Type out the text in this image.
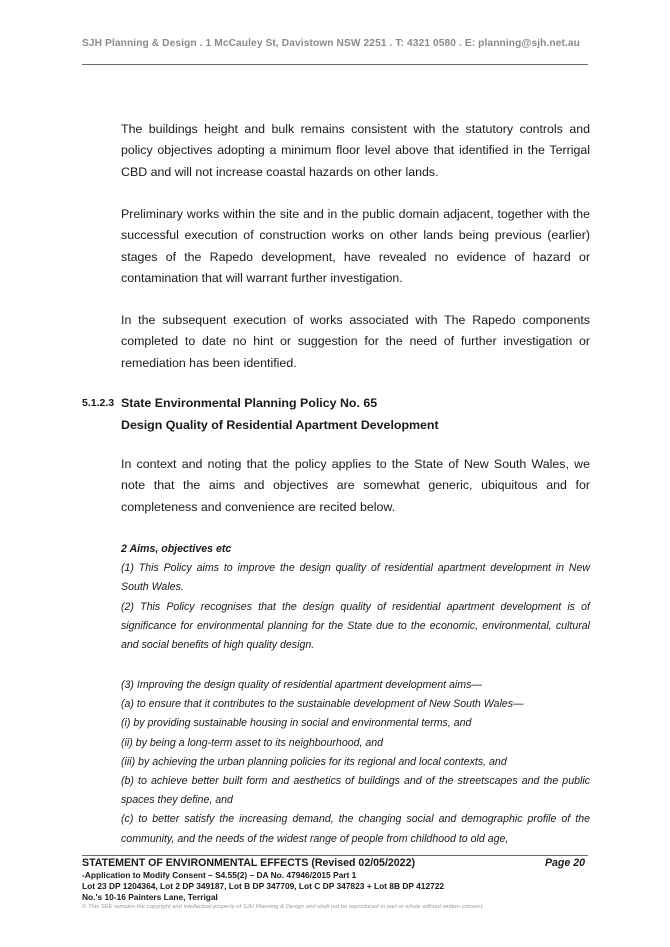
SJH Planning & Design . 1 McCauley St, Davistown NSW 2251 . T: 4321 0580 . E: planning@sjh.net.au

The buildings height and bulk remains consistent with the statutory controls and policy objectives adopting a minimum floor level above that identified in the Terrigal CBD and will not increase coastal hazards on other lands.

Preliminary works within the site and in the public domain adjacent, together with the successful execution of construction works on other lands being previous (earlier) stages of the Rapedo development, have revealed no evidence of hazard or contamination that will warrant further investigation.

In the subsequent execution of works associated with The Rapedo components completed to date no hint or suggestion for the need of further investigation or remediation has been identified.

5.1.2.3 State Environmental Planning Policy No. 65
Design Quality of Residential Apartment Development

In context and noting that the policy applies to the State of New South Wales, we note that the aims and objectives are somewhat generic, ubiquitous and for completeness and convenience are recited below.

2 Aims, objectives etc

(1) This Policy aims to improve the design quality of residential apartment development in New South Wales.

(2) This Policy recognises that the design quality of residential apartment development is of significance for environmental planning for the State due to the economic, environmental, cultural and social benefits of high quality design.

(3) Improving the design quality of residential apartment development aims—

(a) to ensure that it contributes to the sustainable development of New South Wales—

(i) by providing sustainable housing in social and environmental terms, and

(ii) by being a long-term asset to its neighbourhood, and

(iii) by achieving the urban planning policies for its regional and local contexts, and

(b) to achieve better built form and aesthetics of buildings and of the streetscapes and the public spaces they define, and

(c) to better satisfy the increasing demand, the changing social and demographic profile of the community, and the needs of the widest range of people from childhood to old age,

STATEMENT OF ENVIRONMENTAL EFFECTS (Revised 02/05/2022)	Page 20
-Application to Modify Consent – S4.55(2) – DA No. 47946/2015 Part 1
Lot 23 DP 1204364, Lot 2 DP 349187, Lot B DP 347709, Lot C DP 347823 + Lot 8B DP 412722
No.'s 10-16 Painters Lane, Terrigal
© This SEE remains the copyright and intellectual property of SJH Planning & Design and shall not be reproduced in part or whole without written consent.
